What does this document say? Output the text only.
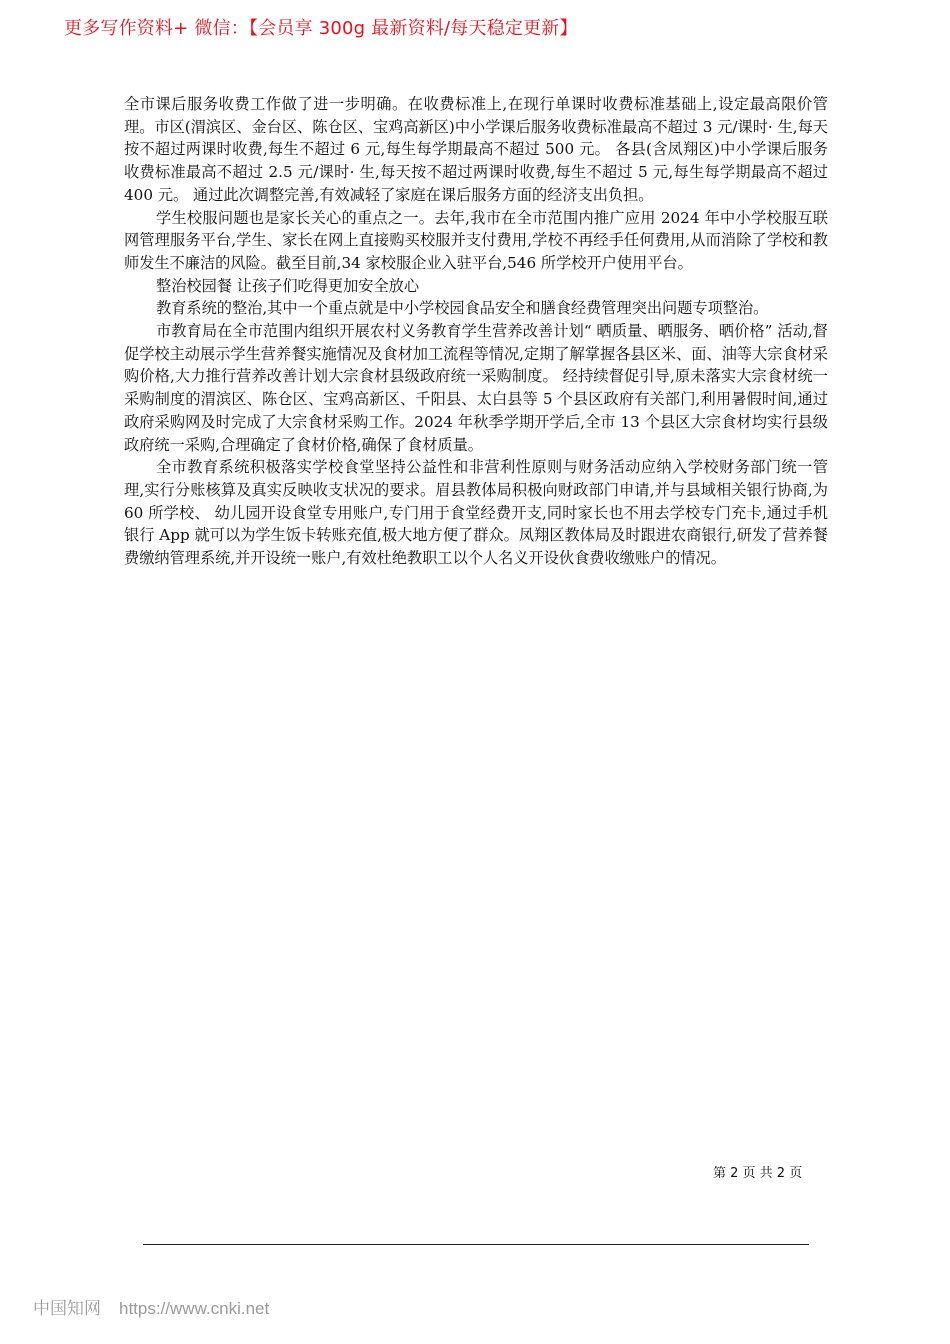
更多写作资料+ 微信：【会员享 300g 最新资料/每天稳定更新】

全市课后服务收费工作做了进一步明确。在收费标准上,在现行单课时收费标准基础上,设定最高限价管理。市区(渭滨区、金台区、陈仓区、宝鸡高新区)中小学课后服务收费标准最高不超过 3 元/课时· 生,每天按不超过两课时收费,每生不超过 6 元,每生每学期最高不超过 500 元。 各县(含凤翔区)中小学课后服务收费标准最高不超过 2.5 元/课时· 生,每天按不超过两课时收费,每生不超过 5 元,每生每学期最高不超过 400 元。 通过此次调整完善,有效减轻了家庭在课后服务方面的经济支出负担。

学生校服问题也是家长关心的重点之一。去年,我市在全市范围内推广应用 2024 年中小学校服互联网管理服务平台,学生、家长在网上直接购买校服并支付费用,学校不再经手任何费用,从而消除了学校和教师发生不廉洁的风险。截至目前,34 家校服企业入驻平台,546 所学校开户使用平台。

整治校园餐 让孩子们吃得更加安全放心

教育系统的整治,其中一个重点就是中小学校园食品安全和膳食经费管理突出问题专项整治。

市教育局在全市范围内组织开展农村义务教育学生营养改善计划“ 晒质量、晒服务、晒价格” 活动,督促学校主动展示学生营养餐实施情况及食材加工流程等情况,定期了解掌握各县区米、面、油等大宗食材采购价格,大力推行营养改善计划大宗食材县级政府统一采购制度。 经持续督促引导,原未落实大宗食材统一采购制度的渭滨区、陈仓区、宝鸡高新区、千阳县、太白县等 5 个县区政府有关部门,利用暑假时间,通过政府采购网及时完成了大宗食材采购工作。2024 年秋季学期开学后,全市 13 个县区大宗食材均实行县级政府统一采购,合理确定了食材价格,确保了食材质量。

全市教育系统积极落实学校食堂坚持公益性和非营利性原则与财务活动应纳入学校财务部门统一管理,实行分账核算及真实反映收支状况的要求。眉县教体局积极向财政部门申请,并与县域相关银行协商,为 60 所学校、 幼儿园开设食堂专用账户,专门用于食堂经费开支,同时家长也不用去学校专门充卡,通过手机银行 App 就可以为学生饭卡转账充值,极大地方便了群众。凤翔区教体局及时跟进农商银行,研发了营养餐费缴纳管理系统,并开设统一账户,有效杜绝教职工以个人名义开设伙食费收缴账户的情况。

第 2 页 共 2 页
中国知网 https://www.cnki.net
